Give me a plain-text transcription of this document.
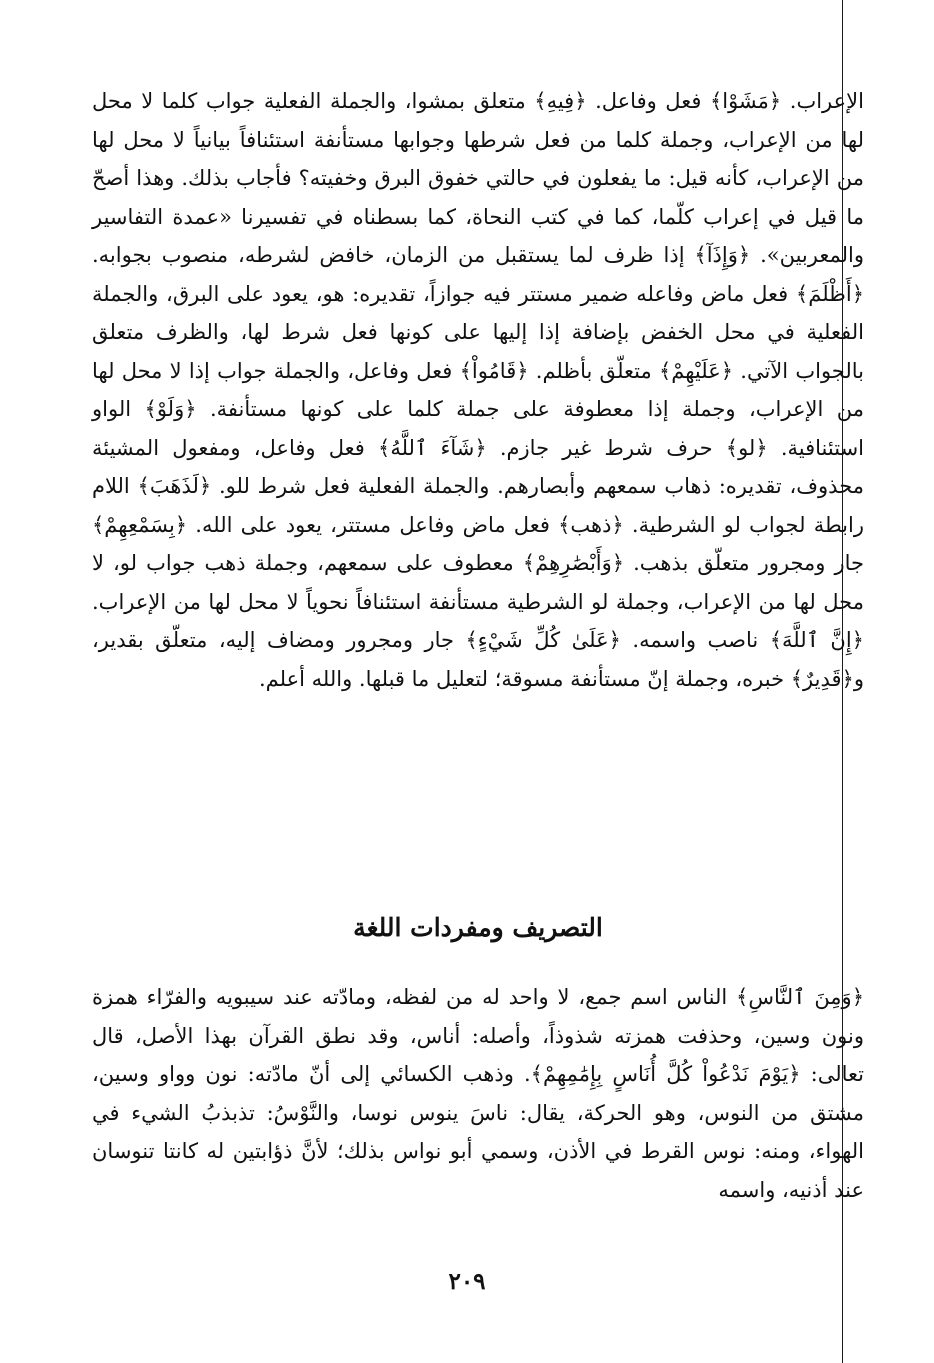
الإعراب. ﴿مَشَوْا﴾ فعل وفاعل. ﴿فِيهِ﴾ متعلق بمشوا، والجملة الفعلية جواب كلما لا محل لها من الإعراب، وجملة كلما من فعل شرطها وجوابها مستأنفة استئنافاً بيانياً لا محل لها من الإعراب، كأنه قيل: ما يفعلون في حالتي خفوق البرق وخفيته؟ فأجاب بذلك. وهذا أصحّ ما قيل في إعراب كلّما، كما في كتب النحاة، كما بسطناه في تفسيرنا «عمدة التفاسير والمعربين». ﴿وَإِذَآ﴾ إذا ظرف لما يستقبل من الزمان، خافض لشرطه، منصوب بجوابه. ﴿أَظْلَمَ﴾ فعل ماض وفاعله ضمير مستتر فيه جوازاً، تقديره: هو، يعود على البرق، والجملة الفعلية في محل الخفض بإضافة إذا إليها على كونها فعل شرط لها، والظرف متعلق بالجواب الآتي. ﴿عَلَيْهِمْ﴾ متعلّق بأظلم. ﴿قَامُواْ﴾ فعل وفاعل، والجملة جواب إذا لا محل لها من الإعراب، وجملة إذا معطوفة على جملة كلما على كونها مستأنفة. ﴿وَلَوْ﴾ الواو استئنافية. ﴿لو﴾ حرف شرط غير جازم. ﴿شَآءَ ٱللَّهُ﴾ فعل وفاعل، ومفعول المشيئة محذوف، تقديره: ذهاب سمعهم وأبصارهم. والجملة الفعلية فعل شرط للو. ﴿لَذَهَبَ﴾ اللام رابطة لجواب لو الشرطية. ﴿ذهب﴾ فعل ماض وفاعل مستتر، يعود على الله. ﴿بِسَمْعِهِمْ﴾ جار ومجرور متعلّق بذهب. ﴿وَأَبْصَٰرِهِمْ﴾ معطوف على سمعهم، وجملة ذهب جواب لو، لا محل لها من الإعراب، وجملة لو الشرطية مستأنفة استئنافاً نحوياً لا محل لها من الإعراب. ﴿إِنَّ ٱللَّهَ﴾ ناصب واسمه. ﴿عَلَىٰ كُلِّ شَيْءٍ﴾ جار ومجرور ومضاف إليه، متعلّق بقدير، و﴿قَدِيرٌ﴾ خبره، وجملة إنّ مستأنفة مسوقة؛ لتعليل ما قبلها. والله أعلم.

التصريف ومفردات اللغة

﴿وَمِنَ ٱلنَّاسِ﴾ الناس اسم جمع، لا واحد له من لفظه، ومادّته عند سيبويه والفرّاء همزة ونون وسين، وحذفت همزته شذوذاً، وأصله: أناس، وقد نطق القرآن بهذا الأصل، قال تعالى: ﴿يَوْمَ نَدْعُواْ كُلَّ أُنَاسٍ بِإِمَٰمِهِمْ﴾. وذهب الكسائي إلى أنّ مادّته: نون وواو وسين، مشتق من النوس، وهو الحركة، يقال: ناسَ ينوس نوسا، والنَّوْسُ: تذبذبُ الشيء في الهواء، ومنه: نوس القرط في الأذن، وسمي أبو نواس بذلك؛ لأنَّ ذؤابتين له كانتا تنوسان عند أذنيه، واسمه

٢٠٩
